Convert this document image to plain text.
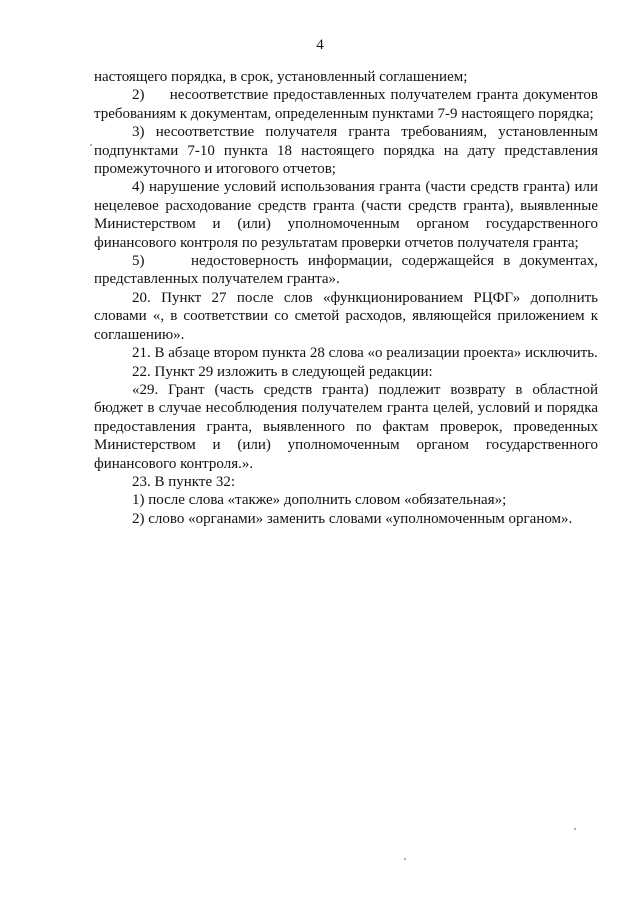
4

настоящего порядка, в срок, установленный соглашением;

2)     несоответствие предоставленных получателем гранта документов требованиям к документам, определенным пунктами 7-9 настоящего порядка;

3) несоответствие получателя гранта требованиям, установленным подпунктами 7-10 пункта 18 настоящего порядка на дату представления промежуточного и итогового отчетов;

4) нарушение условий использования гранта (части средств гранта) или нецелевое расходование средств гранта (части средств гранта), выявленные Министерством и (или) уполномоченным органом государственного финансового контроля по результатам проверки отчетов получателя гранта;

5)     недостоверность информации, содержащейся в документах, представленных получателем гранта».

20. Пункт 27 после слов «функционированием РЦФГ» дополнить словами «, в соответствии со сметой расходов, являющейся приложением к соглашению».

21. В абзаце втором пункта 28 слова «о реализации проекта» исключить.

22. Пункт 29 изложить в следующей редакции:

«29. Грант (часть средств гранта) подлежит возврату в областной бюджет в случае несоблюдения получателем гранта целей, условий и порядка предоставления гранта, выявленного по фактам проверок, проведенных Министерством и (или) уполномоченным органом государственного финансового контроля.».

23. В пункте 32:

1) после слова «также» дополнить словом «обязательная»;

2) слово «органами» заменить словами «уполномоченным органом».
